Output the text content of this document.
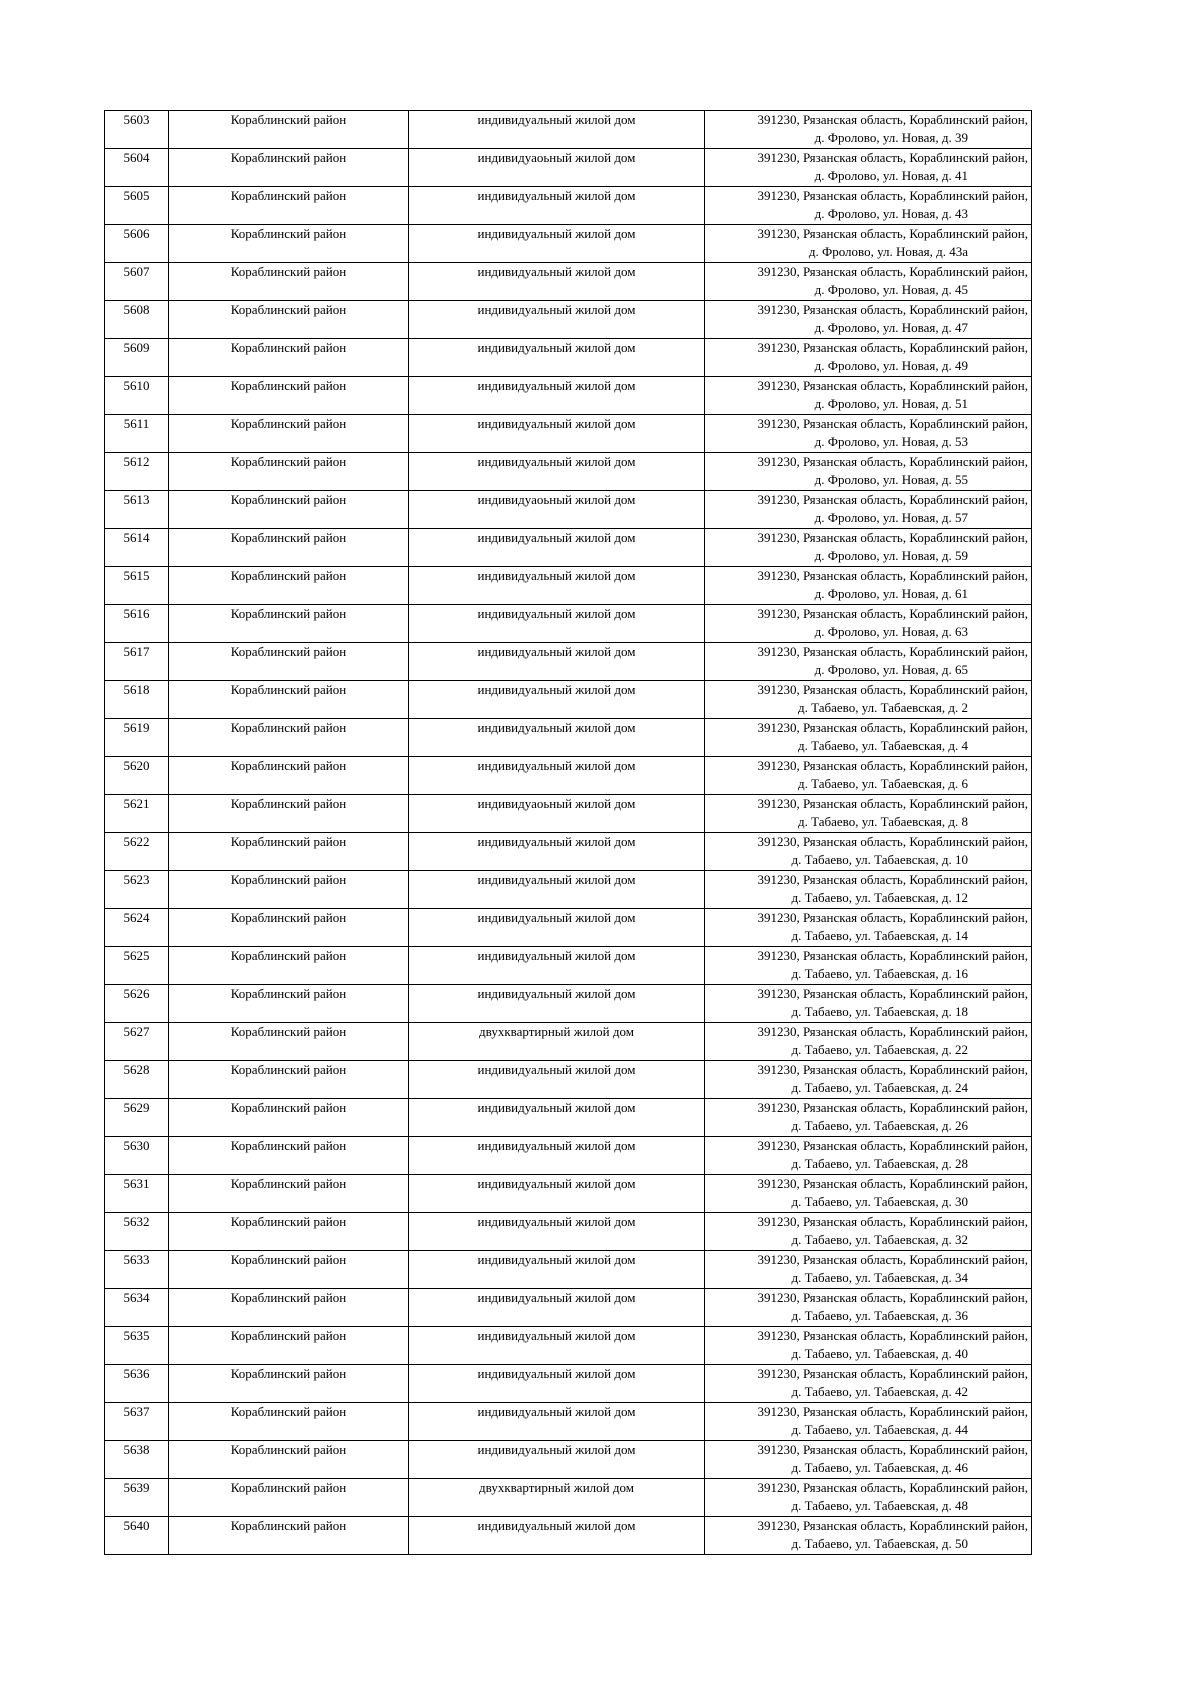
5603	Кораблинский район	индивидуальный жилой дом	391230, Рязанская область, Кораблинский район,
д. Фролово, ул. Новая, д. 39

5604	Кораблинский район	индивидуаоьный жилой дом	391230, Рязанская область, Кораблинский район,
д. Фролово, ул. Новая, д. 41

5605	Кораблинский район	индивидуальный жилой дом	391230, Рязанская область, Кораблинский район,
д. Фролово, ул. Новая, д. 43

5606	Кораблинский район	индивидуальный жилой дом	391230, Рязанская область, Кораблинский район,
д. Фролово, ул. Новая, д. 43а

5607	Кораблинский район	индивидуальный жилой дом	391230, Рязанская область, Кораблинский район,
д. Фролово, ул. Новая, д. 45

5608	Кораблинский район	индивидуальный жилой дом	391230, Рязанская область, Кораблинский район,
д. Фролово, ул. Новая, д. 47

5609	Кораблинский район	индивидуальный жилой дом	391230, Рязанская область, Кораблинский район,
д. Фролово, ул. Новая, д. 49

5610	Кораблинский район	индивидуальный жилой дом	391230, Рязанская область, Кораблинский район,
д. Фролово, ул. Новая, д. 51

5611	Кораблинский район	индивидуальный жилой дом	391230, Рязанская область, Кораблинский район,
д. Фролово, ул. Новая, д. 53

5612	Кораблинский район	индивидуальный жилой дом	391230, Рязанская область, Кораблинский район,
д. Фролово, ул. Новая, д. 55

5613	Кораблинский район	индивидуаоьный жилой дом	391230, Рязанская область, Кораблинский район,
д. Фролово, ул. Новая, д. 57

5614	Кораблинский район	индивидуальный жилой дом	391230, Рязанская область, Кораблинский район,
д. Фролово, ул. Новая, д. 59

5615	Кораблинский район	индивидуальный жилой дом	391230, Рязанская область, Кораблинский район,
д. Фролово, ул. Новая, д. 61

5616	Кораблинский район	индивидуальный жилой дом	391230, Рязанская область, Кораблинский район,
д. Фролово, ул. Новая, д. 63

5617	Кораблинский район	индивидуальный жилой дом	391230, Рязанская область, Кораблинский район,
д. Фролово, ул. Новая, д. 65

5618	Кораблинский район	индивидуальный жилой дом	391230, Рязанская область, Кораблинский район,
д. Табаево, ул. Табаевская, д. 2

5619	Кораблинский район	индивидуальный жилой дом	391230, Рязанская область, Кораблинский район,
д. Табаево, ул. Табаевская, д. 4

5620	Кораблинский район	индивидуальный жилой дом	391230, Рязанская область, Кораблинский район,
д. Табаево, ул. Табаевская, д. 6

5621	Кораблинский район	индивидуаоьный жилой дом	391230, Рязанская область, Кораблинский район,
д. Табаево, ул. Табаевская, д. 8

5622	Кораблинский район	индивидуальный жилой дом	391230, Рязанская область, Кораблинский район,
д. Табаево, ул. Табаевская, д. 10

5623	Кораблинский район	индивидуальный жилой дом	391230, Рязанская область, Кораблинский район,
д. Табаево, ул. Табаевская, д. 12

5624	Кораблинский район	индивидуальный жилой дом	391230, Рязанская область, Кораблинский район,
д. Табаево, ул. Табаевская, д. 14

5625	Кораблинский район	индивидуальный жилой дом	391230, Рязанская область, Кораблинский район,
д. Табаево, ул. Табаевская, д. 16

5626	Кораблинский район	индивидуальный жилой дом	391230, Рязанская область, Кораблинский район,
д. Табаево, ул. Табаевская, д. 18

5627	Кораблинский район	двухквартирный жилой дом	391230, Рязанская область, Кораблинский район,
д. Табаево, ул. Табаевская, д. 22

5628	Кораблинский район	индивидуальный жилой дом	391230, Рязанская область, Кораблинский район,
д. Табаево, ул. Табаевская, д. 24

5629	Кораблинский район	индивидуальный жилой дом	391230, Рязанская область, Кораблинский район,
д. Табаево, ул. Табаевская, д. 26

5630	Кораблинский район	индивидуальный жилой дом	391230, Рязанская область, Кораблинский район,
д. Табаево, ул. Табаевская, д. 28

5631	Кораблинский район	индивидуальный жилой дом	391230, Рязанская область, Кораблинский район,
д. Табаево, ул. Табаевская, д. 30

5632	Кораблинский район	индивидуальный жилой дом	391230, Рязанская область, Кораблинский район,
д. Табаево, ул. Табаевская, д. 32

5633	Кораблинский район	индивидуальный жилой дом	391230, Рязанская область, Кораблинский район,
д. Табаево, ул. Табаевская, д. 34

5634	Кораблинский район	индивидуальный жилой дом	391230, Рязанская область, Кораблинский район,
д. Табаево, ул. Табаевская, д. 36

5635	Кораблинский район	индивидуальный жилой дом	391230, Рязанская область, Кораблинский район,
д. Табаево, ул. Табаевская, д. 40

5636	Кораблинский район	индивидуальный жилой дом	391230, Рязанская область, Кораблинский район,
д. Табаево, ул. Табаевская, д. 42

5637	Кораблинский район	индивидуальный жилой дом	391230, Рязанская область, Кораблинский район,
д. Табаево, ул. Табаевская, д. 44

5638	Кораблинский район	индивидуальный жилой дом	391230, Рязанская область, Кораблинский район,
д. Табаево, ул. Табаевская, д. 46

5639	Кораблинский район	двухквартирный жилой дом	391230, Рязанская область, Кораблинский район,
д. Табаево, ул. Табаевская, д. 48

5640	Кораблинский район	индивидуальный жилой дом	391230, Рязанская область, Кораблинский район,
д. Табаево, ул. Табаевская, д. 50
